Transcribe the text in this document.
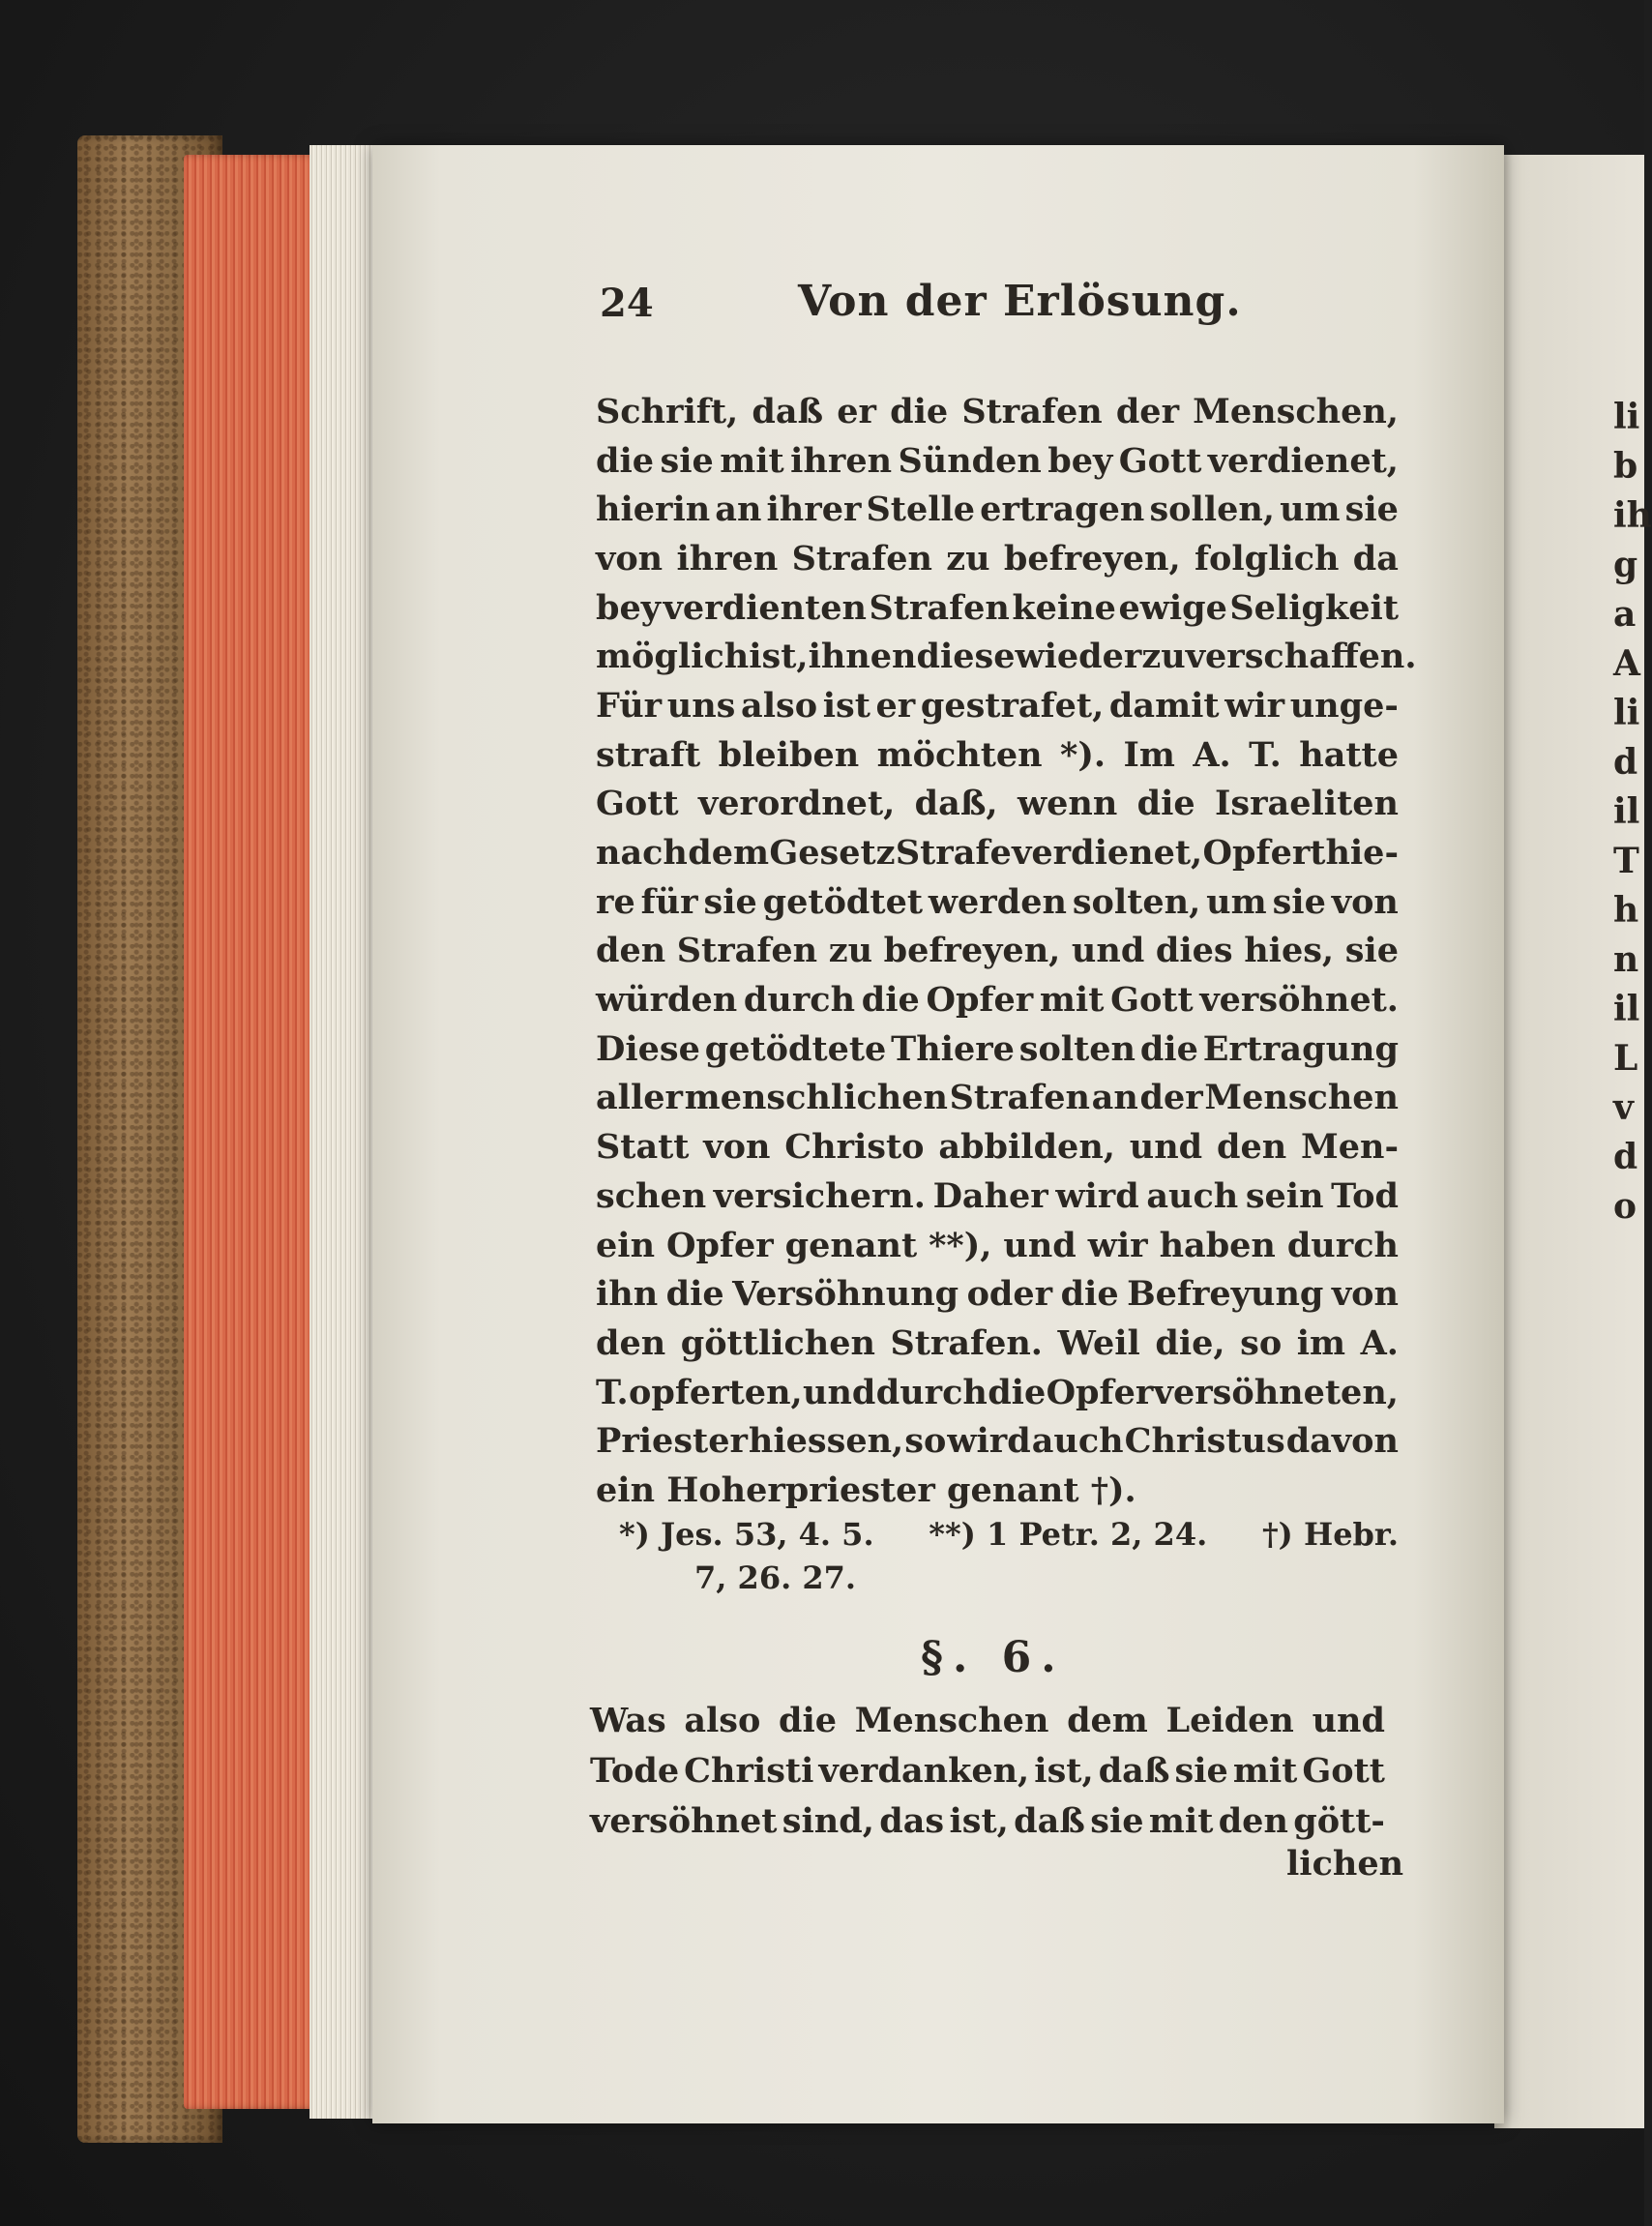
li
b
ih
g
a
A
li
d
il
T
h
n
il
L
v
d
o
24	Von der Erlösung.
Schrift, daß er die Strafen der Menschen,
die sie mit ihren Sünden bey Gott verdienet,
hierin an ihrer Stelle ertragen sollen, um sie
von ihren Strafen zu befreyen, folglich da
bey verdienten Strafen keine ewige Seligkeit
möglich ist, ihnen diese wieder zu verschaffen.
Für uns also ist er gestrafet, damit wir unge-
straft bleiben möchten *). Im A. T. hatte
Gott verordnet, daß, wenn die Israeliten
nach dem Gesetz Strafe verdienet, Opferthie-
re für sie getödtet werden solten, um sie von
den Strafen zu befreyen, und dies hies, sie
würden durch die Opfer mit Gott versöhnet.
Diese getödtete Thiere solten die Ertragung
aller menschlichen Strafen an der Menschen
Statt von Christo abbilden, und den Men-
schen versichern. Daher wird auch sein Tod
ein Opfer genant **), und wir haben durch
ihn die Versöhnung oder die Befreyung von
den göttlichen Strafen. Weil die, so im A.
T. opferten, und durch die Opfer versöhneten,
Priester hiessen, so wird auch Christus davon
ein Hoherpriester genant †).
*) Jes. 53, 4. 5. **) 1 Petr. 2, 24. †) Hebr.
7, 26. 27.
§. 6.
Was also die Menschen dem Leiden und
Tode Christi verdanken, ist, daß sie mit Gott
versöhnet sind, das ist, daß sie mit den gött-
lichen
